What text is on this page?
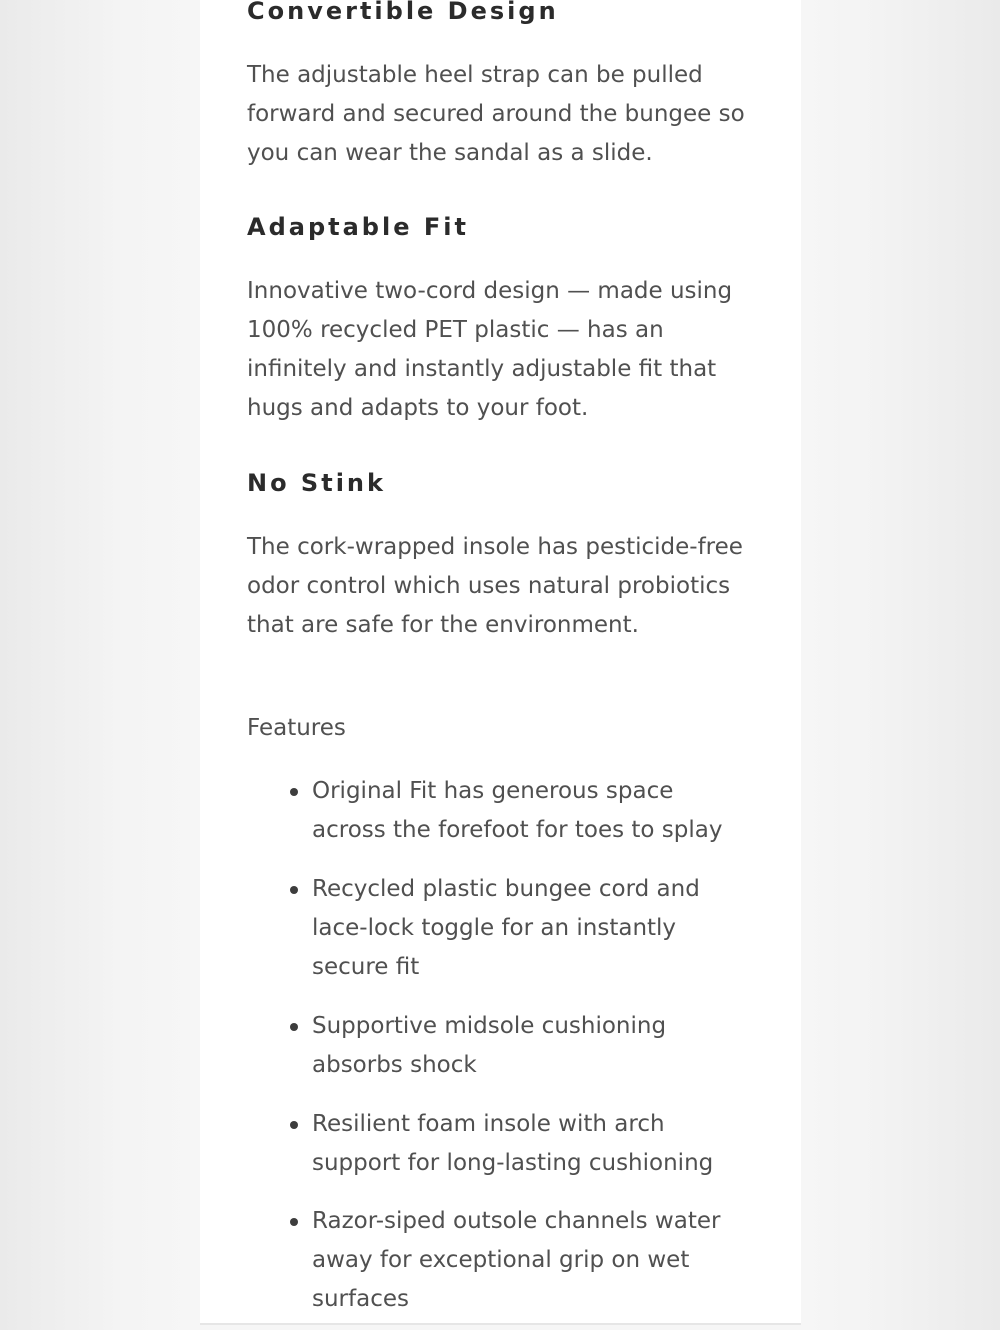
Convertible Design

The adjustable heel strap can be pulled forward and secured around the bungee so you can wear the sandal as a slide.

Adaptable Fit

Innovative two-cord design — made using 100% recycled PET plastic — has an infinitely and instantly adjustable fit that hugs and adapts to your foot.

No Stink

The cork-wrapped insole has pesticide-free odor control which uses natural probiotics that are safe for the environment.

Features
Original Fit has generous space across the forefoot for toes to splay
Recycled plastic bungee cord and lace-lock toggle for an instantly secure fit
Supportive midsole cushioning absorbs shock
Resilient foam insole with arch support for long-lasting cushioning
Razor-siped outsole channels water away for exceptional grip on wet surfaces
